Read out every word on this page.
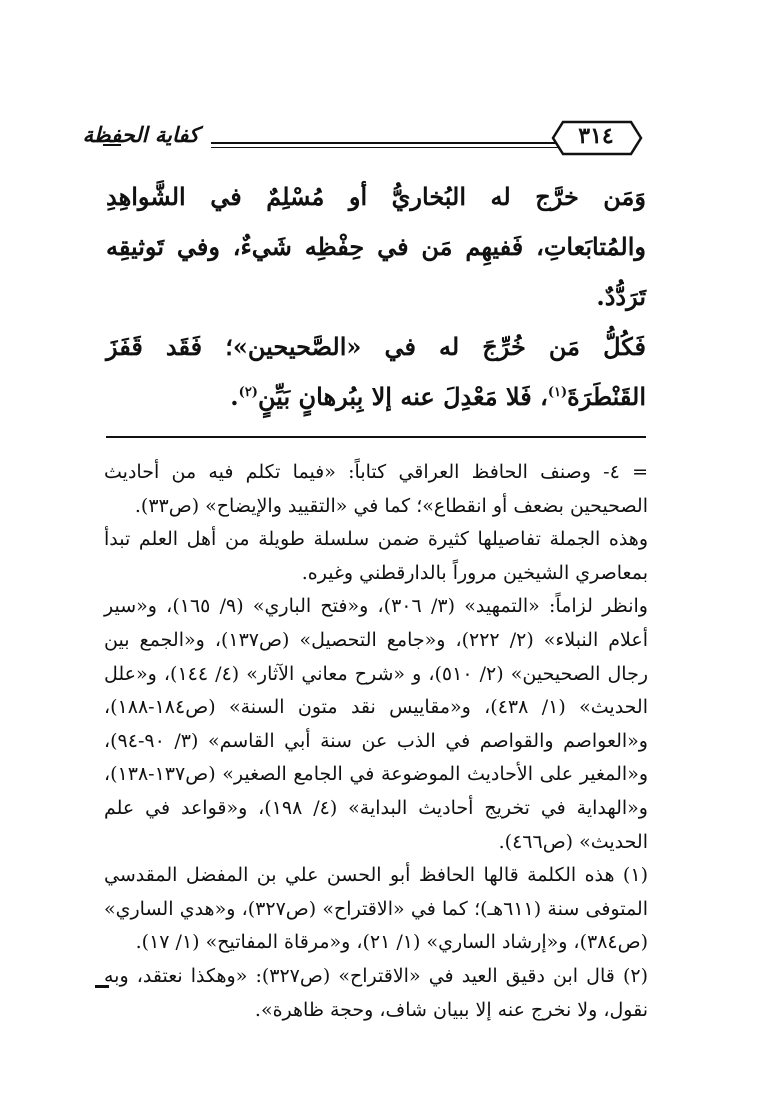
كفاية الحفظة	٣١٤

وَمَن خرَّج له البُخاريُّ أو مُسْلِمٌ في الشَّواهِدِ والمُتابَعاتِ، فَفيهِم مَن في حِفْظِه شَيءٌ، وفي تَوثيقِه تَرَدُّدٌ.

فَكُلُّ مَن خُرِّجَ له في «الصَّحيحين»؛ فَقَد قَفَزَ القَنْطَرَةَ$^{(١)}$، فَلا مَعْدِلَ عنه إلا بِبُرهانٍ بَيِّنٍ$^{(٢)}$.

= ٤- وصنف الحافظ العراقي كتاباً: «فيما تكلم فيه من أحاديث الصحيحين بضعف أو انقطاع»؛ كما في «التقييد والإيضاح» (ص٣٣).

وهذه الجملة تفاصيلها كثيرة ضمن سلسلة طويلة من أهل العلم تبدأ بمعاصري الشيخين مروراً بالدارقطني وغيره.

وانظر لزاماً: «التمهيد» (٣/ ٣٠٦)، و«فتح الباري» (٩/ ١٦٥)، و«سير أعلام النبلاء» (٢/ ٢٢٢)، و«جامع التحصيل» (ص١٣٧)، و«الجمع بين رجال الصحيحين» (٢/ ٥١٠)، و «شرح معاني الآثار» (٤/ ١٤٤)، و«علل الحديث» (١/ ٤٣٨)، و«مقاييس نقد متون السنة» (ص١٨٤-١٨٨)، و«العواصم والقواصم في الذب عن سنة أبي القاسم» (٣/ ٩٠-٩٤)، و«المغير على الأحاديث الموضوعة في الجامع الصغير» (ص١٣٧-١٣٨)، و«الهداية في تخريج أحاديث البداية» (٤/ ١٩٨)، و«قواعد في علم الحديث» (ص٤٦٦).

(١) هذه الكلمة قالها الحافظ أبو الحسن علي بن المفضل المقدسي المتوفى سنة (٦١١هـ)؛ كما في «الاقتراح» (ص٣٢٧)، و«هدي الساري» (ص٣٨٤)، و«إرشاد الساري» (١/ ٢١)، و«مرقاة المفاتيح» (١/ ١٧).

(٢) قال ابن دقيق العيد في «الاقتراح» (ص٣٢٧): «وهكذا نعتقد، وبه نقول، ولا نخرج عنه إلا ببيان شاف، وحجة ظاهرة».
